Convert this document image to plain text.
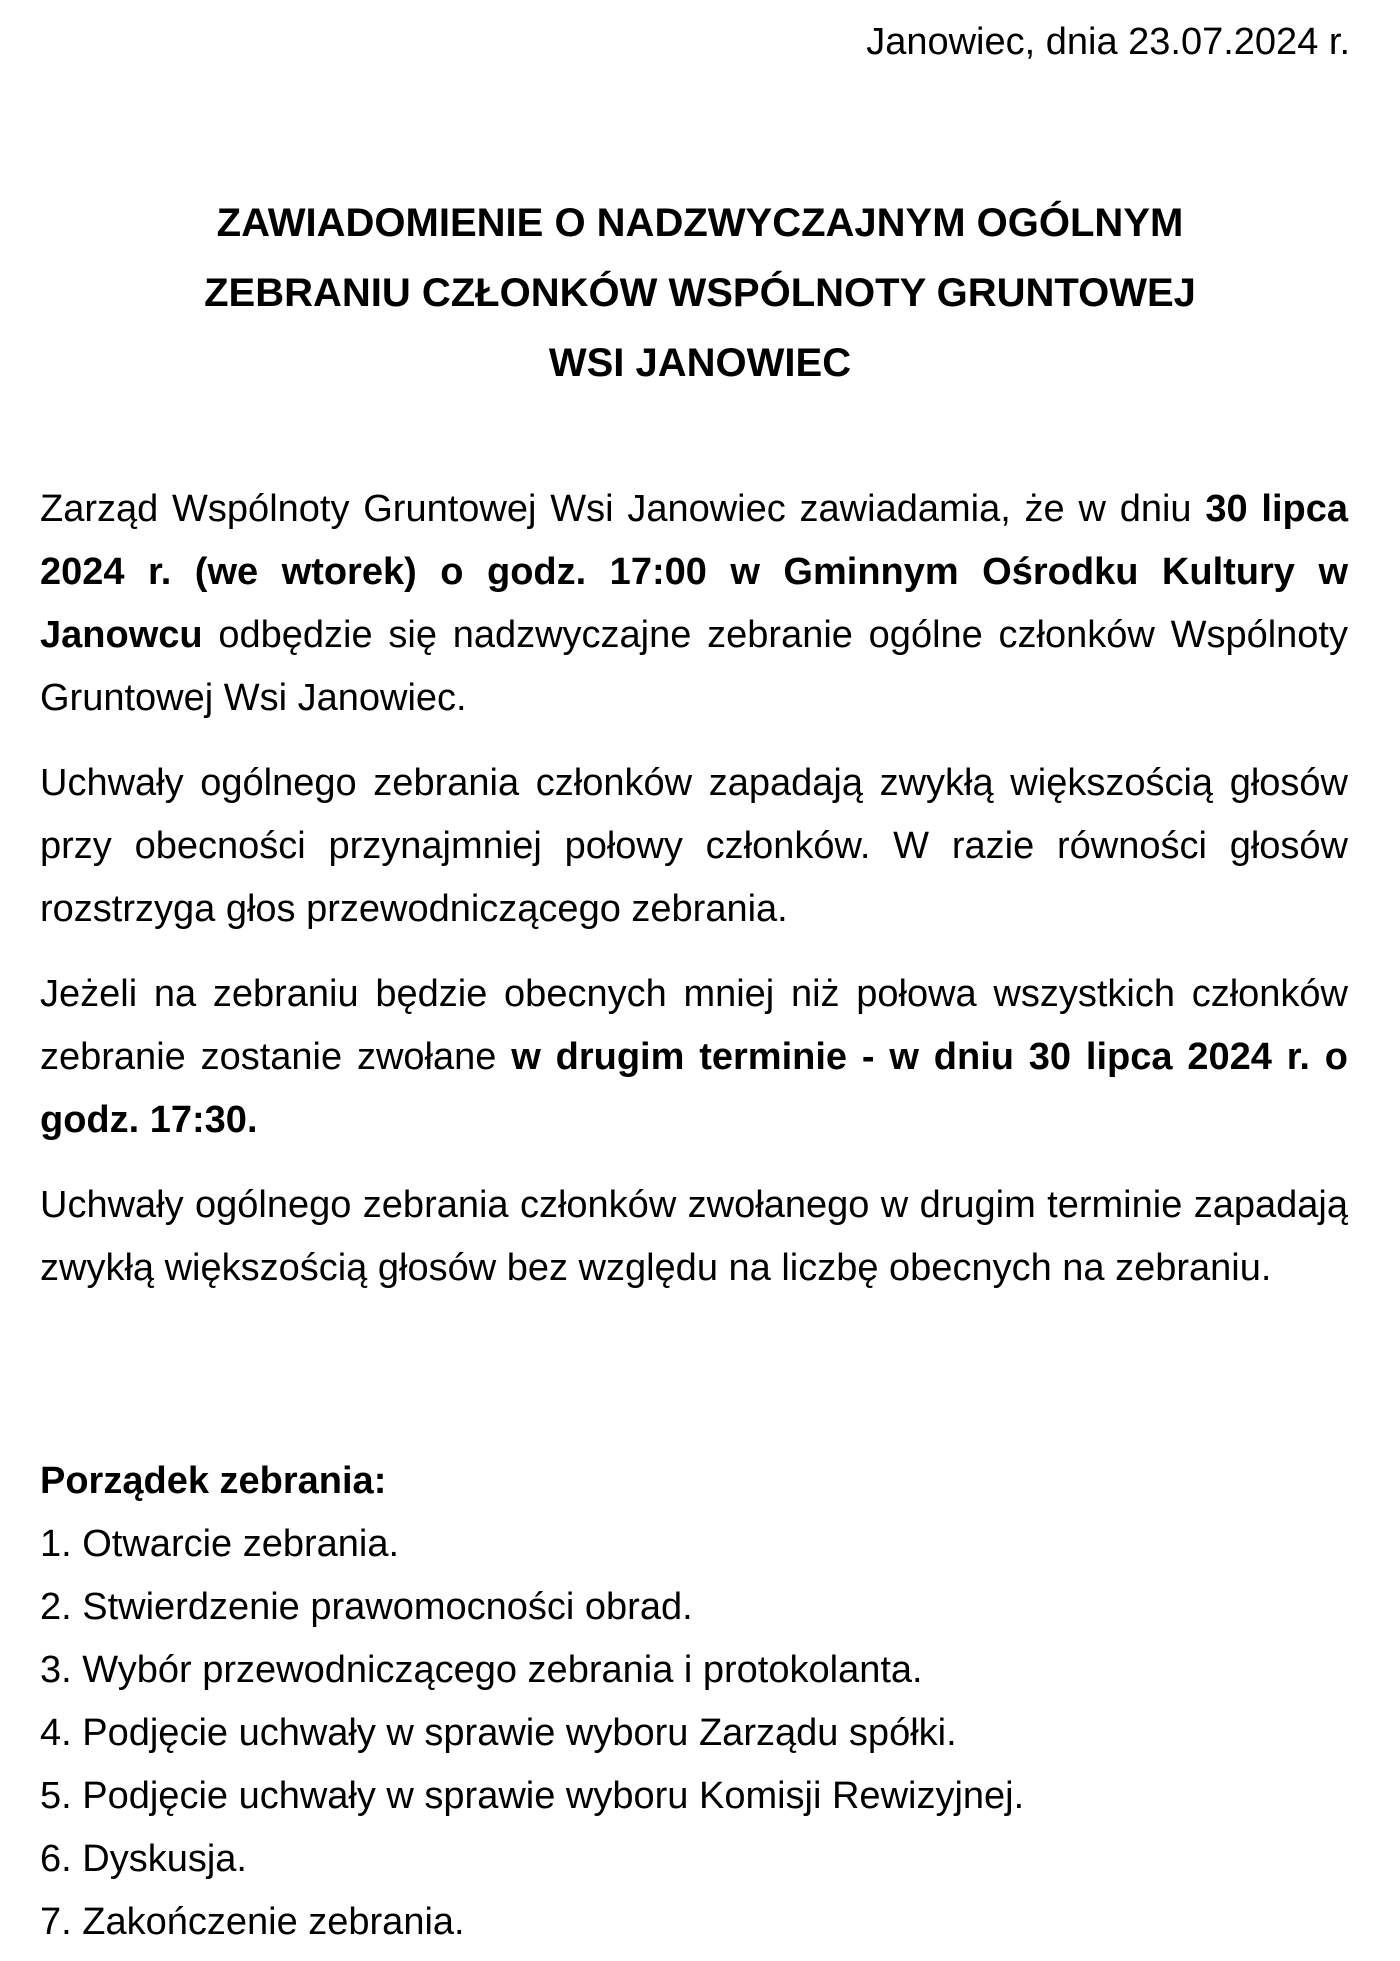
Janowiec, dnia 23.07.2024 r.
ZAWIADOMIENIE O NADZWYCZAJNYM OGÓLNYM
ZEBRANIU CZŁONKÓW WSPÓLNOTY GRUNTOWEJ
WSI JANOWIEC

Zarząd Wspólnoty Gruntowej Wsi Janowiec zawiadamia, że w dniu 30 lipca 2024 r. (we wtorek) o godz. 17:00 w Gminnym Ośrodku Kultury w Janowcu odbędzie się nadzwyczajne zebranie ogólne członków Wspólnoty Gruntowej Wsi Janowiec.

Uchwały ogólnego zebrania członków zapadają zwykłą większością głosów przy obecności przynajmniej połowy członków. W razie równości głosów rozstrzyga głos przewodniczącego zebrania.

Jeżeli na zebraniu będzie obecnych mniej niż połowa wszystkich członków zebranie zostanie zwołane w drugim terminie - w dniu 30 lipca 2024 r. o godz. 17:30.

Uchwały ogólnego zebrania członków zwołanego w drugim terminie zapadają zwykłą większością głosów bez względu na liczbę obecnych na zebraniu.

Porządek zebrania:

1. Otwarcie zebrania.
2. Stwierdzenie prawomocności obrad.
3. Wybór przewodniczącego zebrania i protokolanta.
4. Podjęcie uchwały w sprawie wyboru Zarządu spółki.
5. Podjęcie uchwały w sprawie wyboru Komisji Rewizyjnej.
6. Dyskusja.
7. Zakończenie zebrania.
